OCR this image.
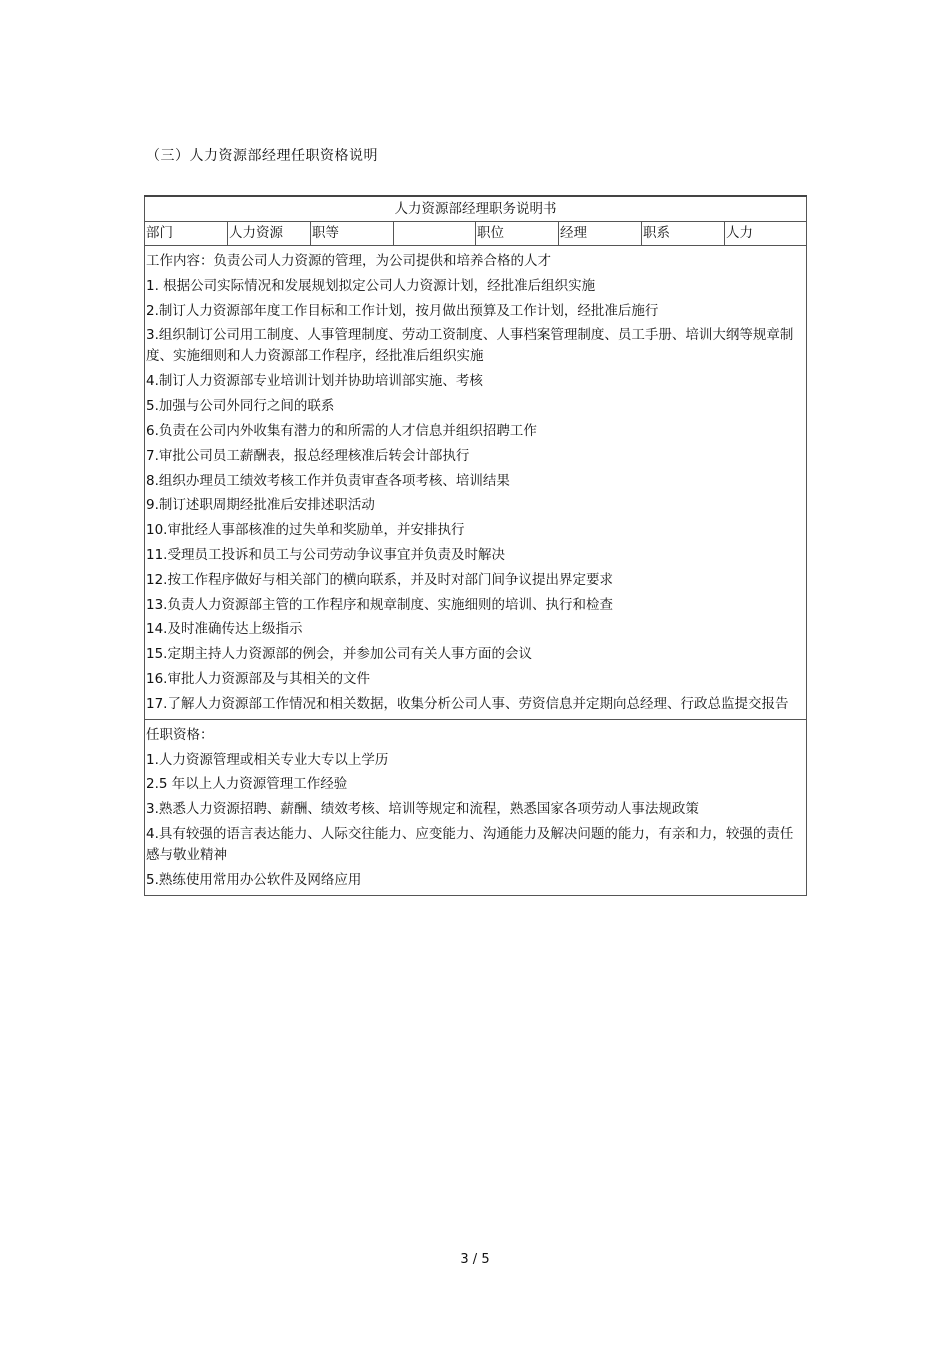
（三）人力资源部经理任职资格说明
人力资源部经理职务说明书
部门	人力资源	职等		职位	经理	职系	人力

工作内容：负责公司人力资源的管理，为公司提供和培养合格的人才
1. 根据公司实际情况和发展规划拟定公司人力资源计划，经批准后组织实施
2.制订人力资源部年度工作目标和工作计划，按月做出预算及工作计划，经批准后施行
3.组织制订公司用工制度、人事管理制度、劳动工资制度、人事档案管理制度、员工手册、培训大纲等规章制度、实施细则和人力资源部工作程序，经批准后组织实施
4.制订人力资源部专业培训计划并协助培训部实施、考核
5.加强与公司外同行之间的联系
6.负责在公司内外收集有潜力的和所需的人才信息并组织招聘工作
7.审批公司员工薪酬表，报总经理核准后转会计部执行
8.组织办理员工绩效考核工作并负责审查各项考核、培训结果
9.制订述职周期经批准后安排述职活动
10.审批经人事部核准的过失单和奖励单，并安排执行
11.受理员工投诉和员工与公司劳动争议事宜并负责及时解决
12.按工作程序做好与相关部门的横向联系，并及时对部门间争议提出界定要求
13.负责人力资源部主管的工作程序和规章制度、实施细则的培训、执行和检查
14.及时准确传达上级指示
15.定期主持人力资源部的例会，并参加公司有关人事方面的会议
16.审批人力资源部及与其相关的文件
17.了解人力资源部工作情况和相关数据，收集分析公司人事、劳资信息并定期向总经理、行政总监提交报告

任职资格：
1.人力资源管理或相关专业大专以上学历
2.5 年以上人力资源管理工作经验
3.熟悉人力资源招聘、薪酬、绩效考核、培训等规定和流程，熟悉国家各项劳动人事法规政策
4.具有较强的语言表达能力、人际交往能力、应变能力、沟通能力及解决问题的能力，有亲和力，较强的责任感与敬业精神
5.熟练使用常用办公软件及网络应用
3 / 5
